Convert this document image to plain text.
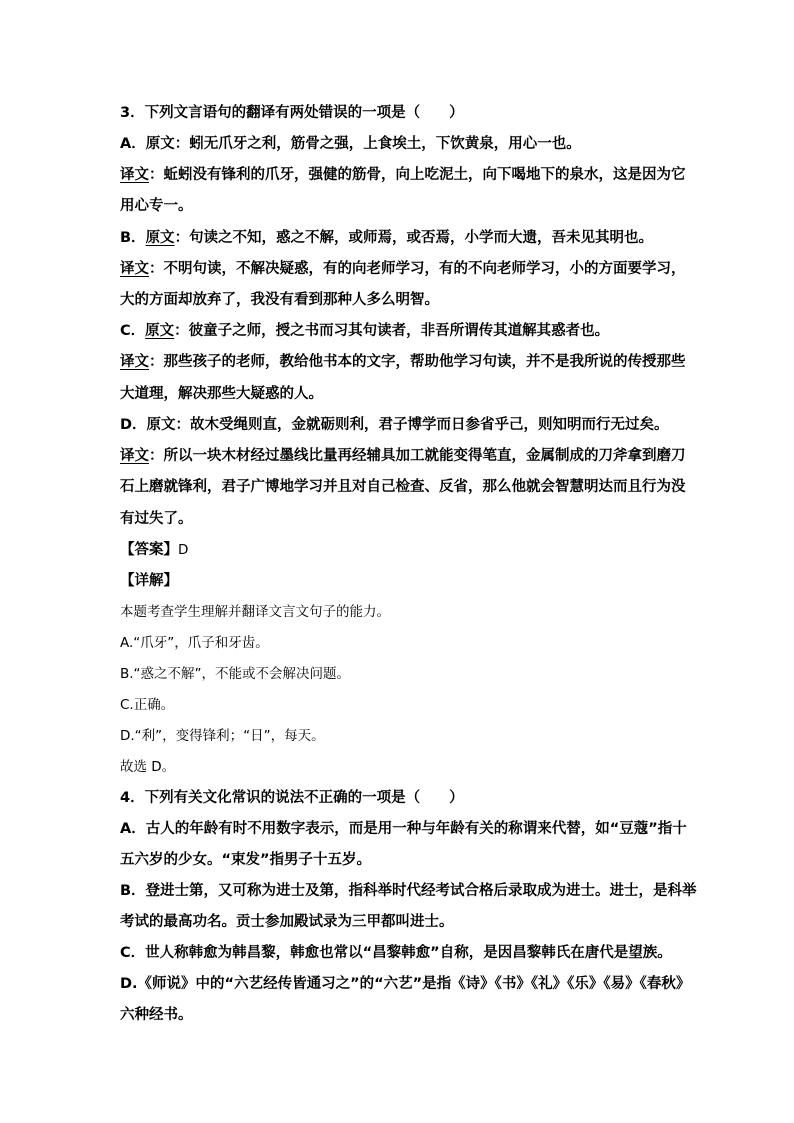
3．下列文言语句的翻译有两处错误的一项是（　　）
A．原文：蚓无爪牙之利，筋骨之强，上食埃土，下饮黄泉，用心一也。
译文：蚯蚓没有锋利的爪牙，强健的筋骨，向上吃泥土，向下喝地下的泉水，这是因为它
用心专一。
B．原文：句读之不知，惑之不解，或师焉，或否焉，小学而大遗，吾未见其明也。
译文：不明句读，不解决疑惑，有的向老师学习，有的不向老师学习，小的方面要学习，
大的方面却放弃了，我没有看到那种人多么明智。
C．原文：彼童子之师，授之书而习其句读者，非吾所谓传其道解其惑者也。
译文：那些孩子的老师，教给他书本的文字，帮助他学习句读，并不是我所说的传授那些
大道理，解决那些大疑惑的人。
D．原文：故木受绳则直，金就砺则利，君子博学而日参省乎己，则知明而行无过矣。
译文：所以一块木材经过墨线比量再经辅具加工就能变得笔直，金属制成的刀斧拿到磨刀
石上磨就锋利，君子广博地学习并且对自己检查、反省，那么他就会智慧明达而且行为没
有过失了。
【答案】D
【详解】
本题考查学生理解并翻译文言文句子的能力。
A.“爪牙”，爪子和牙齿。
B.“惑之不解”，不能或不会解决问题。
C.正确。
D.“利”，变得锋利；“日”，每天。
故选 D。
4．下列有关文化常识的说法不正确的一项是（　　）
A．古人的年龄有时不用数字表示，而是用一种与年龄有关的称谓来代替，如“豆蔻”指十
五六岁的少女。“束发”指男子十五岁。
B．登进士第，又可称为进士及第，指科举时代经考试合格后录取成为进士。进士，是科举
考试的最高功名。贡士参加殿试录为三甲都叫进士。
C．世人称韩愈为韩昌黎，韩愈也常以“昌黎韩愈”自称，是因昌黎韩氏在唐代是望族。
D.《师说》中的“六艺经传皆通习之”的“六艺”是指《诗》《书》《礼》《乐》《易》《春秋》
六种经书。
